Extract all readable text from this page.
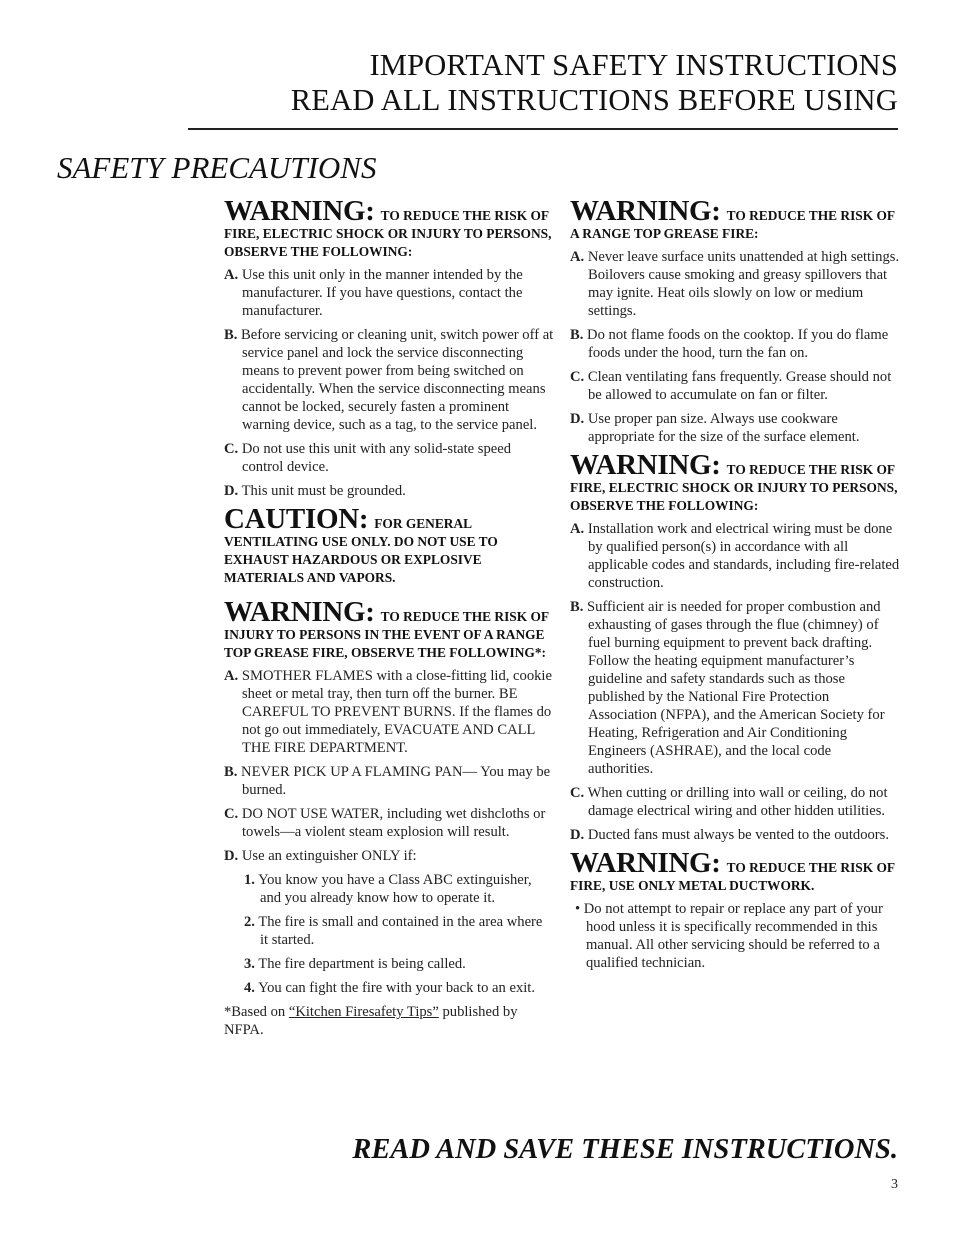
IMPORTANT SAFETY INSTRUCTIONS
READ ALL INSTRUCTIONS BEFORE USING
SAFETY PRECAUTIONS
WARNING: TO REDUCE THE RISK OF FIRE, ELECTRIC SHOCK OR INJURY TO PERSONS, OBSERVE THE FOLLOWING:
A. Use this unit only in the manner intended by the manufacturer. If you have questions, contact the manufacturer.
B. Before servicing or cleaning unit, switch power off at service panel and lock the service disconnecting means to prevent power from being switched on accidentally. When the service disconnecting means cannot be locked, securely fasten a prominent warning device, such as a tag, to the service panel.
C. Do not use this unit with any solid-state speed control device.
D. This unit must be grounded.
CAUTION: FOR GENERAL VENTILATING USE ONLY. DO NOT USE TO EXHAUST HAZARDOUS OR EXPLOSIVE MATERIALS AND VAPORS.
WARNING: TO REDUCE THE RISK OF INJURY TO PERSONS IN THE EVENT OF A RANGE TOP GREASE FIRE, OBSERVE THE FOLLOWING*:
A. SMOTHER FLAMES with a close-fitting lid, cookie sheet or metal tray, then turn off the burner. BE CAREFUL TO PREVENT BURNS. If the flames do not go out immediately, EVACUATE AND CALL THE FIRE DEPARTMENT.
B. NEVER PICK UP A FLAMING PAN— You may be burned.
C. DO NOT USE WATER, including wet dishcloths or towels—a violent steam explosion will result.
D. Use an extinguisher ONLY if:
1. You know you have a Class ABC extinguisher, and you already know how to operate it.
2. The fire is small and contained in the area where it started.
3. The fire department is being called.
4. You can fight the fire with your back to an exit.
*Based on “Kitchen Firesafety Tips” published by NFPA.
WARNING: TO REDUCE THE RISK OF A RANGE TOP GREASE FIRE:
A. Never leave surface units unattended at high settings. Boilovers cause smoking and greasy spillovers that may ignite. Heat oils slowly on low or medium settings.
B. Do not flame foods on the cooktop. If you do flame foods under the hood, turn the fan on.
C. Clean ventilating fans frequently. Grease should not be allowed to accumulate on fan or filter.
D. Use proper pan size. Always use cookware appropriate for the size of the surface element.
WARNING: TO REDUCE THE RISK OF FIRE, ELECTRIC SHOCK OR INJURY TO PERSONS, OBSERVE THE FOLLOWING:
A. Installation work and electrical wiring must be done by qualified person(s) in accordance with all applicable codes and standards, including fire-related construction.
B. Sufficient air is needed for proper combustion and exhausting of gases through the flue (chimney) of fuel burning equipment to prevent back drafting. Follow the heating equipment manufacturer’s guideline and safety standards such as those published by the National Fire Protection Association (NFPA), and the American Society for Heating, Refrigeration and Air Conditioning Engineers (ASHRAE), and the local code authorities.
C. When cutting or drilling into wall or ceiling, do not damage electrical wiring and other hidden utilities.
D. Ducted fans must always be vented to the outdoors.
WARNING: TO REDUCE THE RISK OF FIRE, USE ONLY METAL DUCTWORK.
• Do not attempt to repair or replace any part of your hood unless it is specifically recommended in this manual. All other servicing should be referred to a qualified technician.
READ AND SAVE THESE INSTRUCTIONS.
3
